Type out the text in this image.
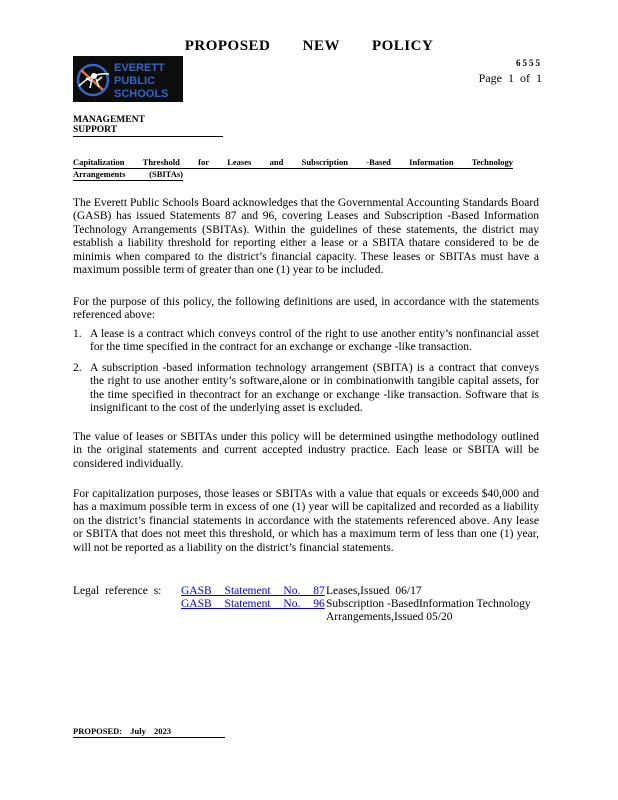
PROPOSED NEW POLICY
EVERETT
PUBLIC
SCHOOLS
6555
Page 1 of 1
MANAGEMENT SUPPORT
Capitalization Threshold for Leases and Subscription -Based Information Technology
Arrangements (SBITAs)
The Everett Public Schools Board acknowledges that the Governmental Accounting Standards Board (GASB) has issued Statements 87 and 96, covering Leases and Subscription -Based Information Technology Arrangements (SBITAs). Within the guidelines of these statements, the district may establish a liability threshold for reporting either a lease or a SBITA thatare considered to be de minimis when compared to the district’s financial capacity. These leases or SBITAs must have a maximum possible term of greater than one (1) year to be included.
For the purpose of this policy, the following definitions are used, in accordance with the statements referenced above:
1. A lease is a contract which conveys control of the right to use another entity’s nonfinancial asset for the time specified in the contract for an exchange or exchange -like transaction.
2. A subscription -based information technology arrangement (SBITA) is a contract that conveys the right to use another entity’s software,alone or in combinationwith tangible capital assets, for the time specified in thecontract for an exchange or exchange -like transaction. Software that is insignificant to the cost of the underlying asset is excluded.
The value of leases or SBITAs under this policy will be determined usingthe methodology outlined in the original statements and current accepted industry practice. Each lease or SBITA will be considered individually.
For capitalization purposes, those leases or SBITAs with a value that equals or exceeds $40,000 and has a maximum possible term in excess of one (1) year will be capitalized and recorded as a liability on the district’s financial statements in accordance with the statements referenced above. Any lease or SBITA that does not meet this threshold, or which has a maximum term of less than one (1) year, will not be reported as a liability on the district’s financial statements.
Legal reference s: GASB Statement No. 87
GASB Statement No. 96
Leases,Issued 06/17
Subscription -BasedInformation Technology Arrangements,Issued 05/20
PROPOSED: July 2023
